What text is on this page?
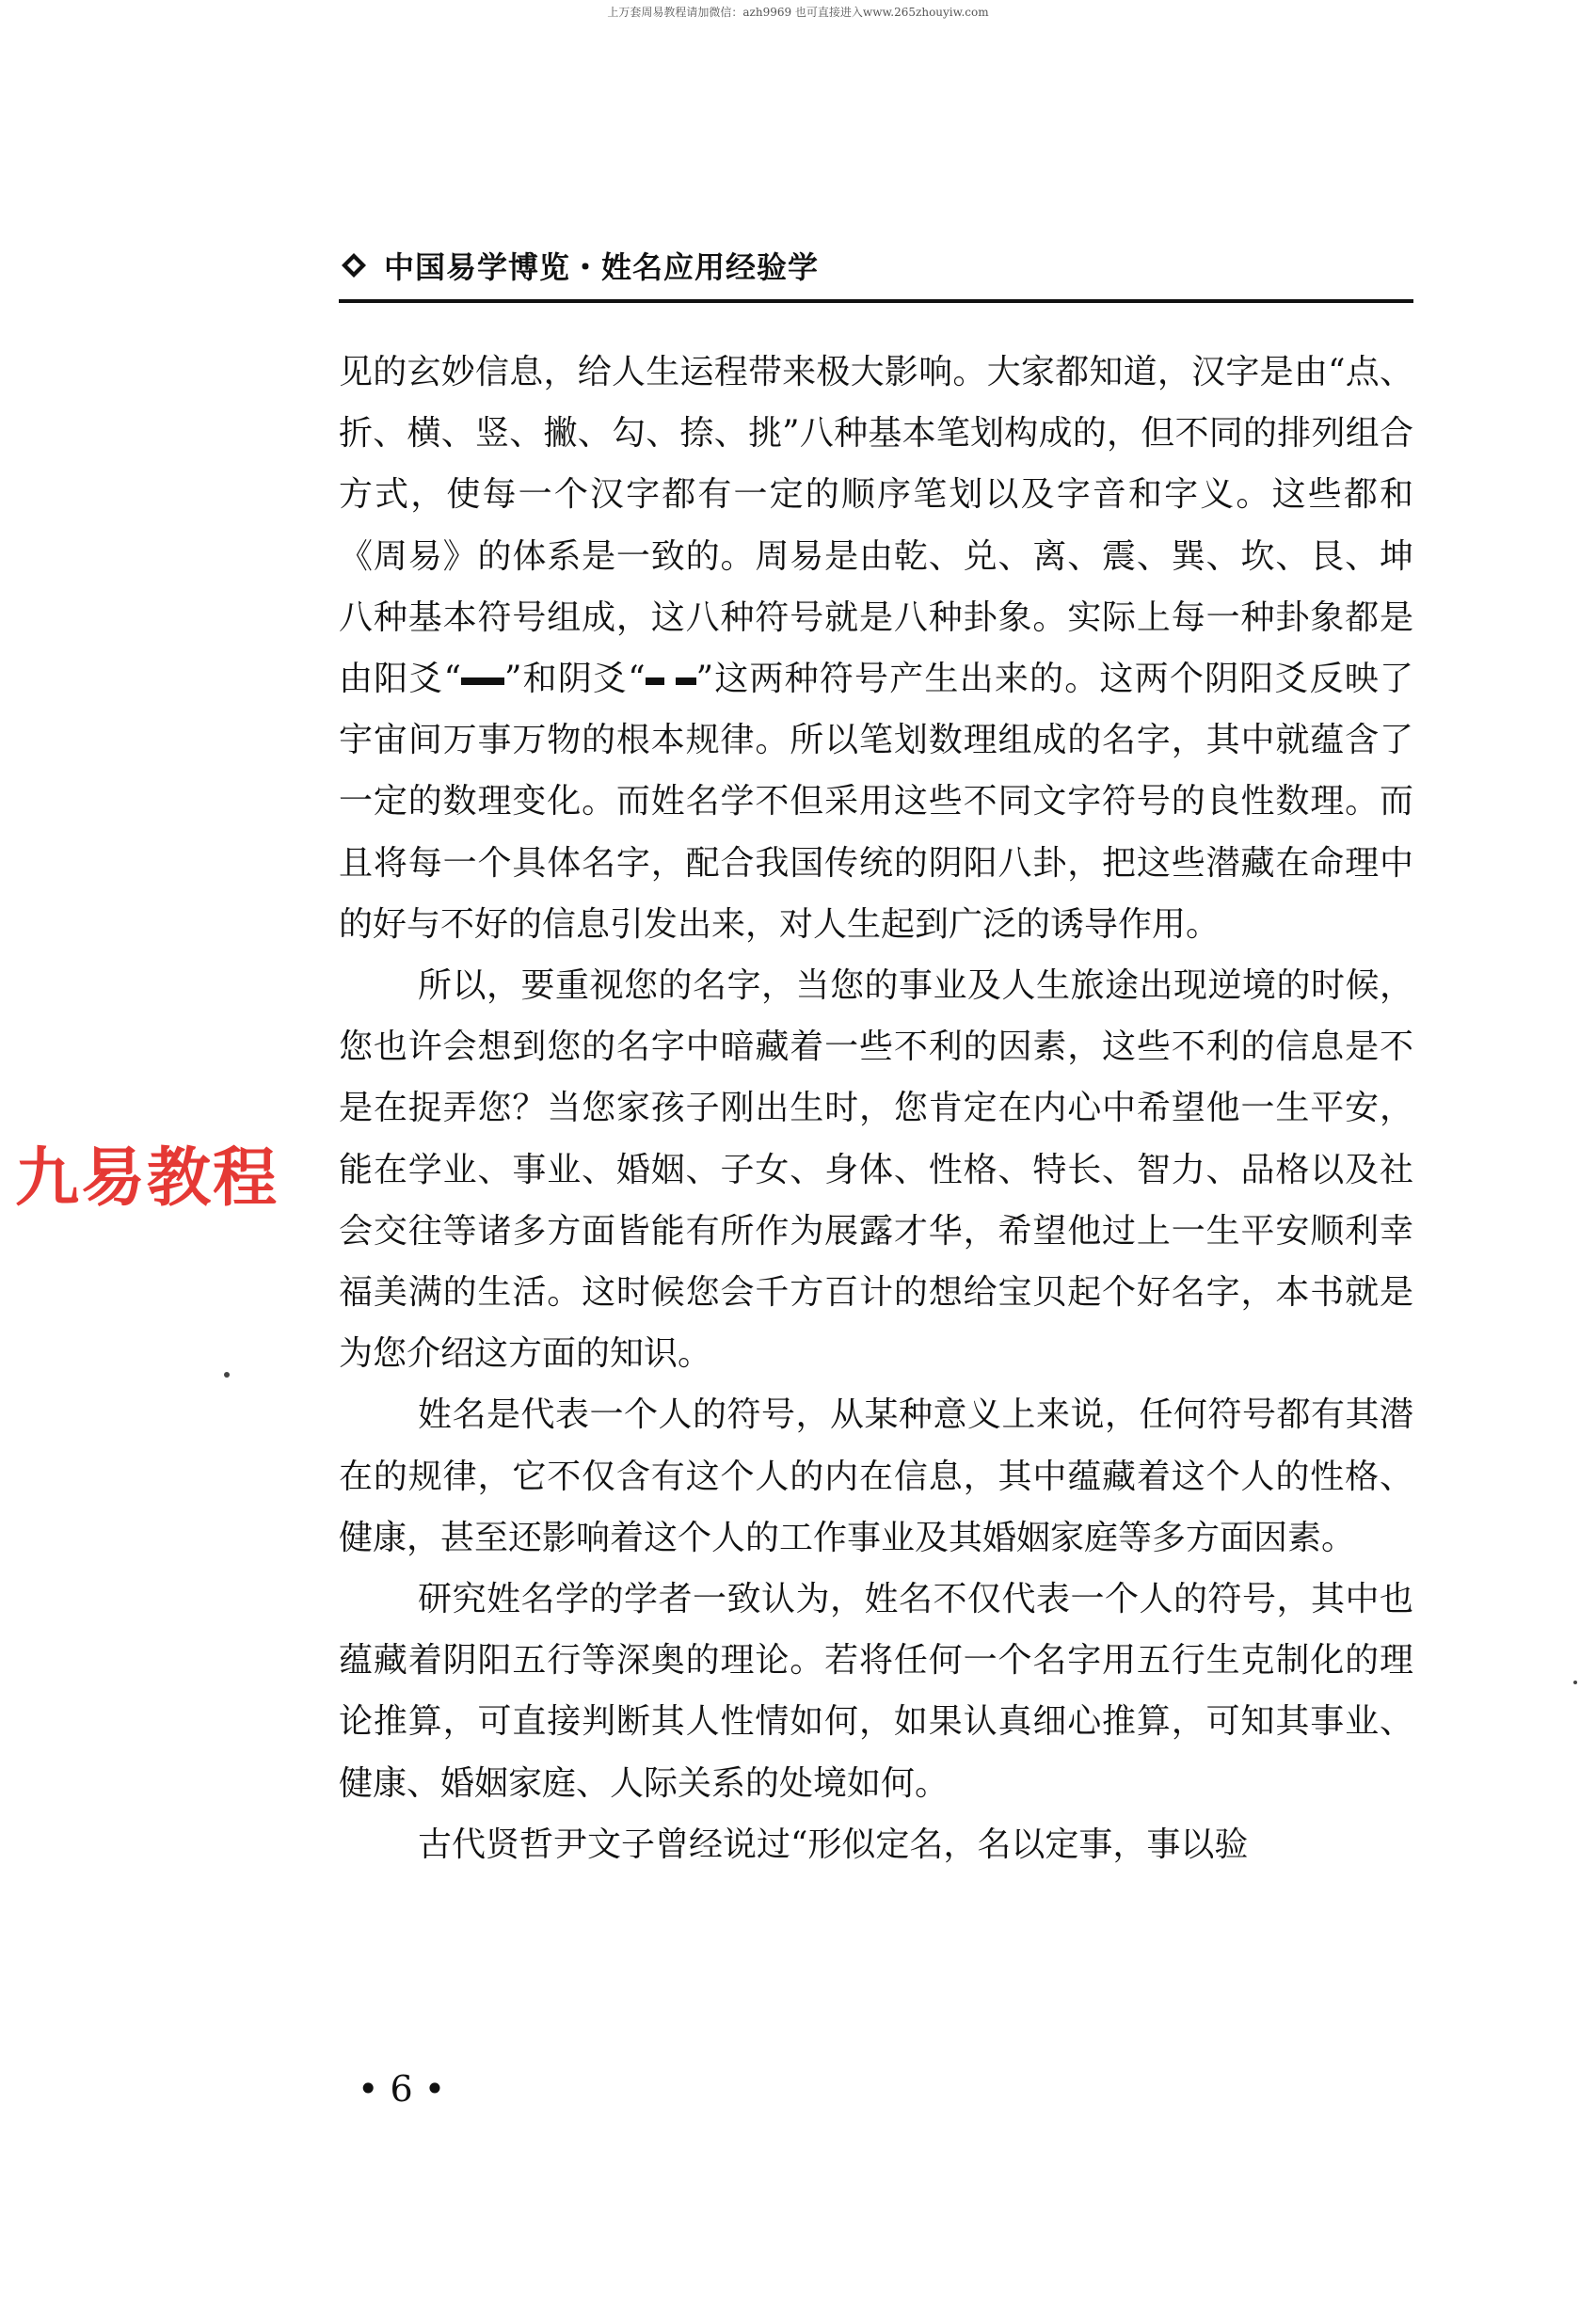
上万套周易教程请加微信：azh9969 也可直接进入www.265zhouyiw.com
中国易学博览・姓名应用经验学

见的玄妙信息，给人生运程带来极大影响。大家都知道，汉字是由“点、折、横、竖、撇、勾、捺、挑”八种基本笔划构成的，但不同的排列组合方式，使每一个汉字都有一定的顺序笔划以及字音和字义。这些都和《周易》的体系是一致的。周易是由乾、兑、离、震、巽、坎、艮、坤八种基本符号组成，这八种符号就是八种卦象。实际上每一种卦象都是由阳爻“ ”和阴爻“ ”这两种符号产生出来的。这两个阴阳爻反映了宇宙间万事万物的根本规律。所以笔划数理组成的名字，其中就蕴含了一定的数理变化。而姓名学不但采用这些不同文字符号的良性数理。而且将每一个具体名字，配合我国传统的阴阳八卦，把这些潜藏在命理中的好与不好的信息引发出来，对人生起到广泛的诱导作用。

所以，要重视您的名字，当您的事业及人生旅途出现逆境的时候，您也许会想到您的名字中暗藏着一些不利的因素，这些不利的信息是不是在捉弄您？当您家孩子刚出生时，您肯定在内心中希望他一生平安，能在学业、事业、婚姻、子女、身体、性格、特长、智力、品格以及社会交往等诸多方面皆能有所作为展露才华，希望他过上一生平安顺利幸福美满的生活。这时候您会千方百计的想给宝贝起个好名字，本书就是为您介绍这方面的知识。

姓名是代表一个人的符号，从某种意义上来说，任何符号都有其潜在的规律，它不仅含有这个人的内在信息，其中蕴藏着这个人的性格、健康，甚至还影响着这个人的工作事业及其婚姻家庭等多方面因素。

研究姓名学的学者一致认为，姓名不仅代表一个人的符号，其中也蕴藏着阴阳五行等深奥的理论。若将任何一个名字用五行生克制化的理论推算，可直接判断其人性情如何，如果认真细心推算，可知其事业、健康、婚姻家庭、人际关系的处境如何。

古代贤哲尹文子曾经说过“形似定名，名以定事，事以验

九易教程
• 6 •
